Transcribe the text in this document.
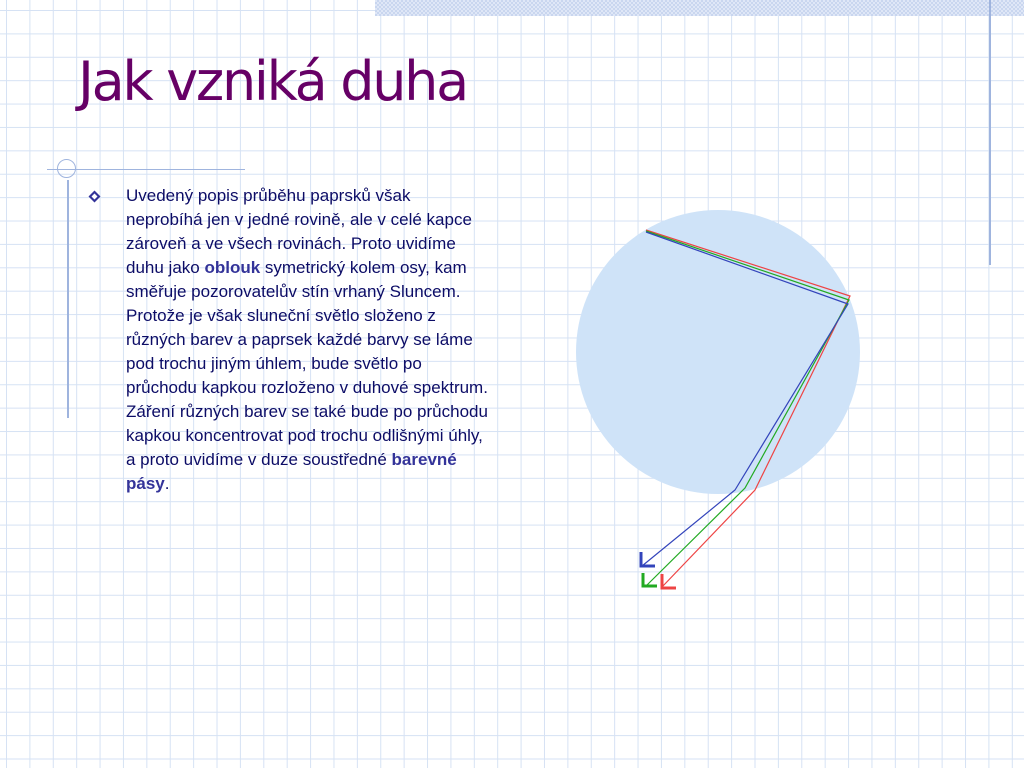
Jak vzniká duha
Uvedený popis průběhu paprsků však neprobíhá jen v jedné rovině, ale v celé kapce zároveň a ve všech rovinách. Proto uvidíme duhu jako oblouk symetrický kolem osy, kam směřuje pozorovatelův stín vrhaný Sluncem. Protože je však sluneční světlo složeno z různých barev a paprsek každé barvy se láme pod trochu jiným úhlem, bude světlo po průchodu kapkou rozloženo v duhové spektrum. Záření různých barev se také bude po průchodu kapkou koncentrovat pod trochu odlišnými úhly, a proto uvidíme v duze soustředné barevné pásy.
